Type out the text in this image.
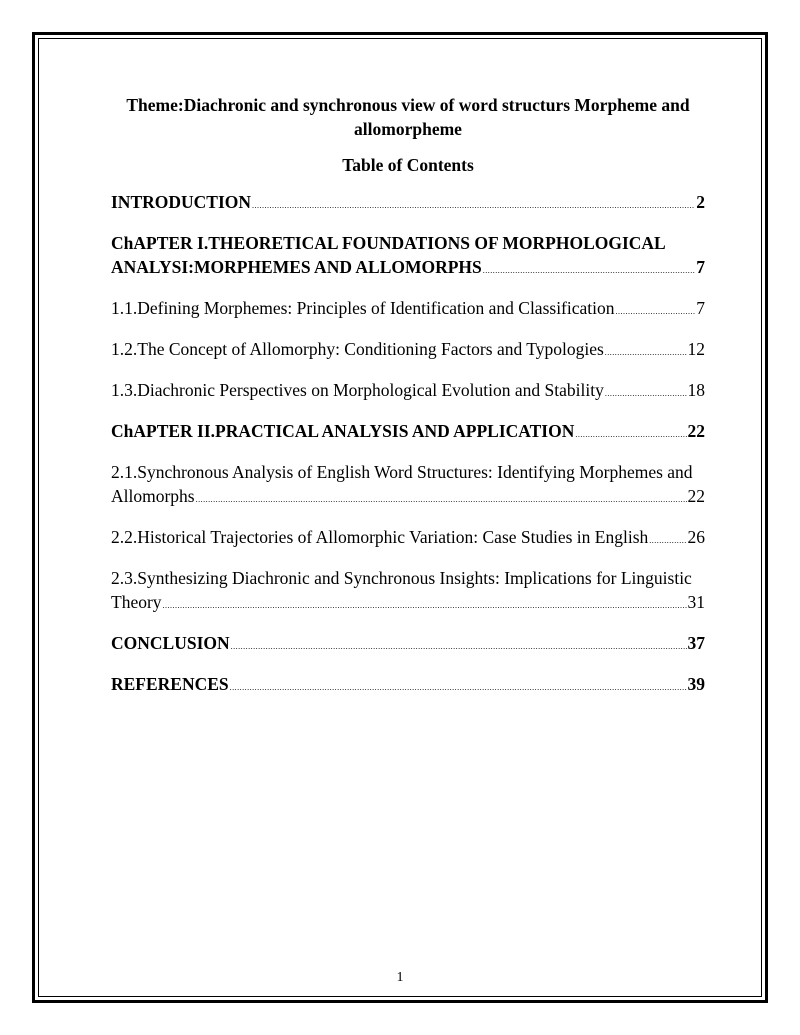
Theme:Diachronic and synchronous view of word structurs Morpheme and allomorpheme
Table of Contents
INTRODUCTION .....	2
ChAPTER I.THEORETICAL FOUNDATIONS OF MORPHOLOGICAL
ANALYSI:MORPHEMES AND ALLOMORPHS .....	7
1.1.Defining Morphemes: Principles of Identification and Classification .....	7
1.2.The Concept of Allomorphy: Conditioning Factors and Typologies .....	12
1.3.Diachronic Perspectives on Morphological Evolution and Stability .....	18
ChAPTER II.PRACTICAL ANALYSIS AND APPLICATION .....	22
2.1.Synchronous Analysis of English Word Structures: Identifying Morphemes and
Allomorphs .....	22
2.2.Historical Trajectories of Allomorphic Variation: Case Studies in English ..... 26
2.3.Synthesizing Diachronic and Synchronous Insights: Implications for Linguistic
Theory .....	31
CONCLUSION .....	37
REFERENCES .....	39
1
